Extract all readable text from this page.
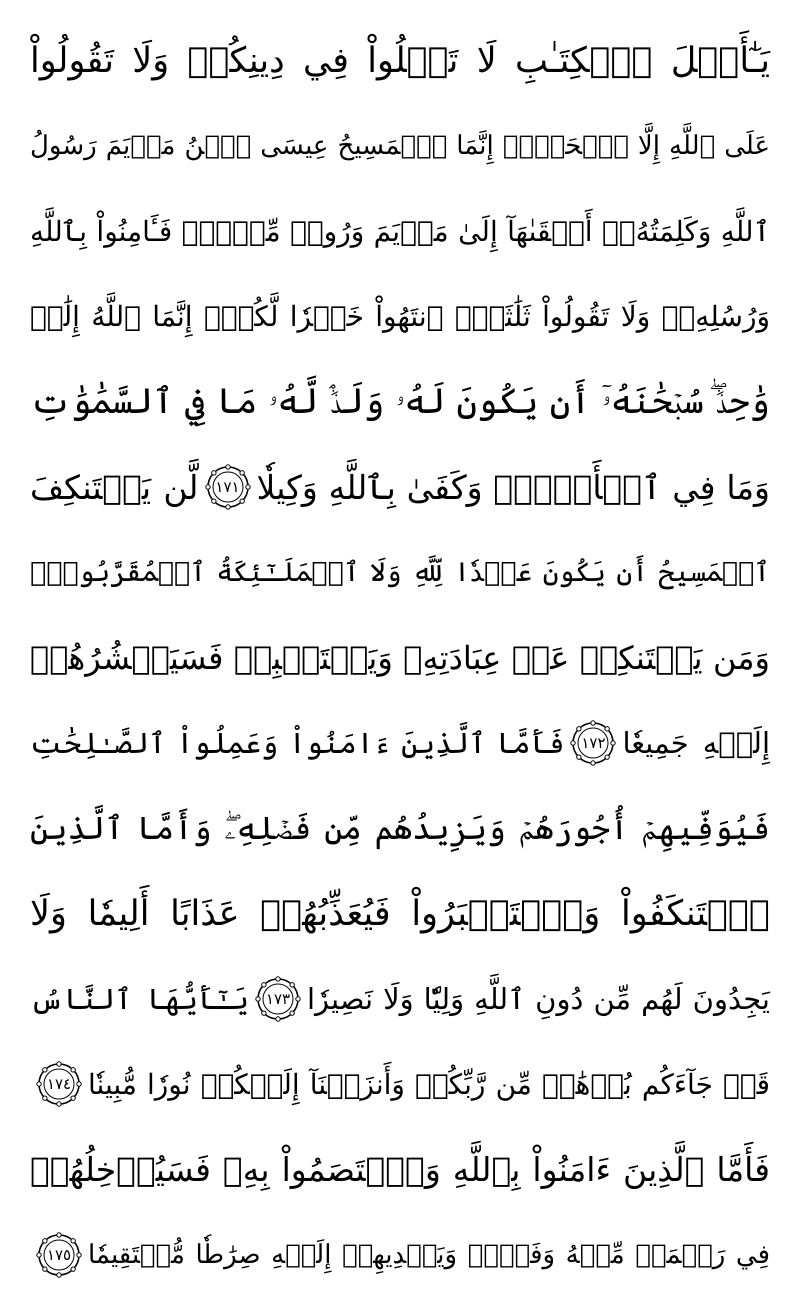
يَـٰٓأَهۡلَ ٱلۡكِتَـٰبِ لَا تَغۡلُواْ فِي دِينِكُمۡ وَلَا تَقُولُواْ
عَلَى ٱللَّهِ إِلَّا ٱلۡحَقَّۚ إِنَّمَا ٱلۡمَسِيحُ عِيسَى ٱبۡنُ مَرۡيَمَ رَسُولُ
ٱللَّهِ وَكَلِمَتُهُۥٓ أَلۡقَىٰهَآ إِلَىٰ مَرۡيَمَ وَرُوحٞ مِّنۡهُۖ فَـَٔامِنُواْ بِٱللَّهِ
وَرُسُلِهِۦۖ وَلَا تَقُولُواْ ثَلَٰثَةٌۚ ٱنتَهُواْ خَيۡرٗا لَّكُمۡۚ إِنَّمَا ٱللَّهُ إِلَٰهٞ
وَٰحِدٞۖ سُبۡحَٰنَهُۥٓ أَن يَكُونَ لَهُۥ وَلَدٞۘ لَّهُۥ مَا فِي ٱلسَّمَٰوَٰتِ
وَمَا فِي ٱلۡأَرۡضِۗ وَكَفَىٰ بِٱللَّهِ وَكِيلٗا
١٧١
لَّن يَسۡتَنكِفَ
ٱلۡمَسِيحُ أَن يَكُونَ عَبۡدٗا لِّلَّهِ وَلَا ٱلۡمَلَـٰٓئِكَةُ ٱلۡمُقَرَّبُونَۚ
وَمَن يَسۡتَنكِفۡ عَنۡ عِبَادَتِهِۦ وَيَسۡتَكۡبِرۡ فَسَيَحۡشُرُهُمۡ
إِلَيۡهِ جَمِيعٗا
١٧٢
فَأَمَّا ٱلَّذِينَ ءَامَنُواْ وَعَمِلُواْ ٱلصَّـٰلِحَٰتِ
فَيُوَفِّيهِمۡ أُجُورَهُمۡ وَيَزِيدُهُم مِّن فَضۡلِهِۦۖ وَأَمَّا ٱلَّذِينَ
ٱسۡتَنكَفُواْ وَٱسۡتَكۡبَرُواْ فَيُعَذِّبُهُمۡ عَذَابًا أَلِيمٗا وَلَا
يَجِدُونَ لَهُم مِّن دُونِ ٱللَّهِ وَلِيّٗا وَلَا نَصِيرٗا
١٧٣
يَـٰٓأَيُّهَا ٱلنَّاسُ
قَدۡ جَآءَكُم بُرۡهَٰنٞ مِّن رَّبِّكُمۡ وَأَنزَلۡنَآ إِلَيۡكُمۡ نُورٗا مُّبِينٗا
١٧٤
فَأَمَّا ٱلَّذِينَ ءَامَنُواْ بِٱللَّهِ وَٱعۡتَصَمُواْ بِهِۦ فَسَيُدۡخِلُهُمۡ
فِي رَحۡمَةٖ مِّنۡهُ وَفَضۡلٖ وَيَهۡدِيهِمۡ إِلَيۡهِ صِرَٰطٗا مُّسۡتَقِيمٗا
١٧٥
